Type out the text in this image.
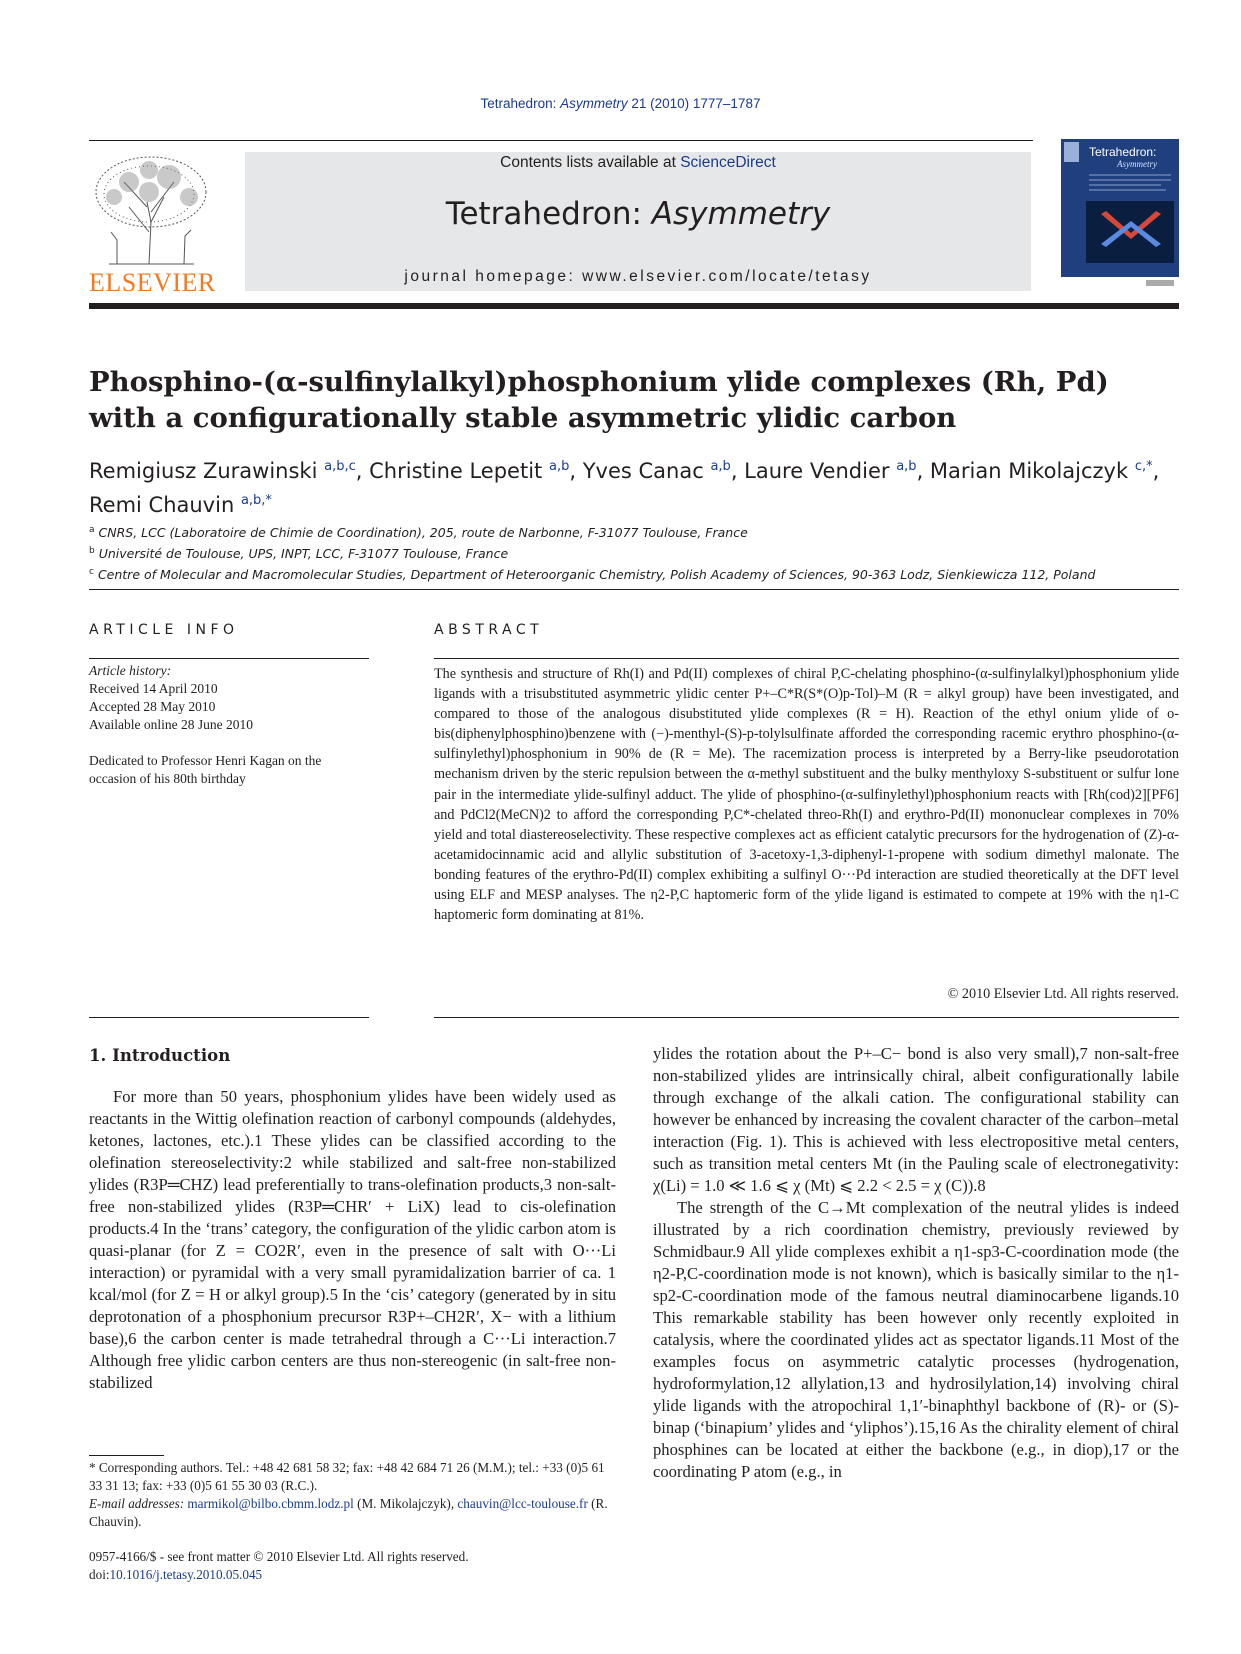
Tetrahedron: Asymmetry 21 (2010) 1777–1787
ELSEVIER
Contents lists available at ScienceDirect
Tetrahedron: Asymmetry
journal homepage: www.elsevier.com/locate/tetasy
Tetrahedron:
Asymmetry
Phosphino-(α-sulfinylalkyl)phosphonium ylide complexes (Rh, Pd)
with a configurationally stable asymmetric ylidic carbon
Remigiusz Zurawinski $^{a,b,c}$, Christine Lepetit $^{a,b}$, Yves Canac $^{a,b}$, Laure Vendier $^{a,b}$, Marian Mikolajczyk $^{c,*}$,
Remi Chauvin $^{a,b,*}$
$^a$ CNRS, LCC (Laboratoire de Chimie de Coordination), 205, route de Narbonne, F-31077 Toulouse, France
$^b$ Université de Toulouse, UPS, INPT, LCC, F-31077 Toulouse, France
$^c$ Centre of Molecular and Macromolecular Studies, Department of Heteroorganic Chemistry, Polish Academy of Sciences, 90-363 Lodz, Sienkiewicza 112, Poland
ARTICLE INFO
Article history:
Received 14 April 2010
Accepted 28 May 2010
Available online 28 June 2010
Dedicated to Professor Henri Kagan on the occasion of his 80th birthday
ABSTRACT
The synthesis and structure of Rh(I) and Pd(II) complexes of chiral P,C-chelating phosphino-(α-sulfinylalkyl)phosphonium ylide ligands with a trisubstituted asymmetric ylidic center P+–C*R(S*(O)p-Tol)–M (R = alkyl group) have been investigated, and compared to those of the analogous disubstituted ylide complexes (R = H). Reaction of the ethyl onium ylide of o-bis(diphenylphosphino)benzene with (−)-menthyl-(S)-p-tolylsulfinate afforded the corresponding racemic erythro phosphino-(α-sulfinylethyl)phosphonium in 90% de (R = Me). The racemization process is interpreted by a Berry-like pseudorotation mechanism driven by the steric repulsion between the α-methyl substituent and the bulky menthyloxy S-substituent or sulfur lone pair in the intermediate ylide-sulfinyl adduct. The ylide of phosphino-(α-sulfinylethyl)phosphonium reacts with [Rh(cod)2][PF6] and PdCl2(MeCN)2 to afford the corresponding P,C*-chelated threo-Rh(I) and erythro-Pd(II) mononuclear complexes in 70% yield and total diastereoselectivity. These respective complexes act as efficient catalytic precursors for the hydrogenation of (Z)-α-acetamidocinnamic acid and allylic substitution of 3-acetoxy-1,3-diphenyl-1-propene with sodium dimethyl malonate. The bonding features of the erythro-Pd(II) complex exhibiting a sulfinyl O···Pd interaction are studied theoretically at the DFT level using ELF and MESP analyses. The η2-P,C haptomeric form of the ylide ligand is estimated to compete at 19% with the η1-C haptomeric form dominating at 81%.
© 2010 Elsevier Ltd. All rights reserved.
1. Introduction

For more than 50 years, phosphonium ylides have been widely used as reactants in the Wittig olefination reaction of carbonyl compounds (aldehydes, ketones, lactones, etc.).1 These ylides can be classified according to the olefination stereoselectivity:2 while stabilized and salt-free non-stabilized ylides (R3P═CHZ) lead preferentially to trans-olefination products,3 non-salt-free non-stabilized ylides (R3P═CHR′ + LiX) lead to cis-olefination products.4 In the ‘trans’ category, the configuration of the ylidic carbon atom is quasi-planar (for Z = CO2R′, even in the presence of salt with O···Li interaction) or pyramidal with a very small pyramidalization barrier of ca. 1 kcal/mol (for Z = H or alkyl group).5 In the ‘cis’ category (generated by in situ deprotonation of a phosphonium precursor R3P+–CH2R′, X− with a lithium base),6 the carbon center is made tetrahedral through a C···Li interaction.7 Although free ylidic carbon centers are thus non-stereogenic (in salt-free non-stabilized

ylides the rotation about the P+–C− bond is also very small),7 non-salt-free non-stabilized ylides are intrinsically chiral, albeit configurationally labile through exchange of the alkali cation. The configurational stability can however be enhanced by increasing the covalent character of the carbon–metal interaction (Fig. 1). This is achieved with less electropositive metal centers, such as transition metal centers Mt (in the Pauling scale of electronegativity: χ(Li) = 1.0 ≪ 1.6 ⩽ χ (Mt) ⩽ 2.2 < 2.5 = χ (C)).8

The strength of the C→Mt complexation of the neutral ylides is indeed illustrated by a rich coordination chemistry, previously reviewed by Schmidbaur.9 All ylide complexes exhibit a η1-sp3-C-coordination mode (the η2-P,C-coordination mode is not known), which is basically similar to the η1-sp2-C-coordination mode of the famous neutral diaminocarbene ligands.10 This remarkable stability has been however only recently exploited in catalysis, where the coordinated ylides act as spectator ligands.11 Most of the examples focus on asymmetric catalytic processes (hydrogenation, hydroformylation,12 allylation,13 and hydrosilylation,14) involving chiral ylide ligands with the atropochiral 1,1′-binaphthyl backbone of (R)- or (S)-binap (‘binapium’ ylides and ‘yliphos’).15,16 As the chirality element of chiral phosphines can be located at either the backbone (e.g., in diop),17 or the coordinating P atom (e.g., in

* Corresponding authors. Tel.: +48 42 681 58 32; fax: +48 42 684 71 26 (M.M.); tel.: +33 (0)5 61 33 31 13; fax: +33 (0)5 61 55 30 03 (R.C.).
E-mail addresses: marmikol@bilbo.cbmm.lodz.pl (M. Mikolajczyk), chauvin@lcc-toulouse.fr (R. Chauvin).
0957-4166/$ - see front matter © 2010 Elsevier Ltd. All rights reserved.
doi:10.1016/j.tetasy.2010.05.045
